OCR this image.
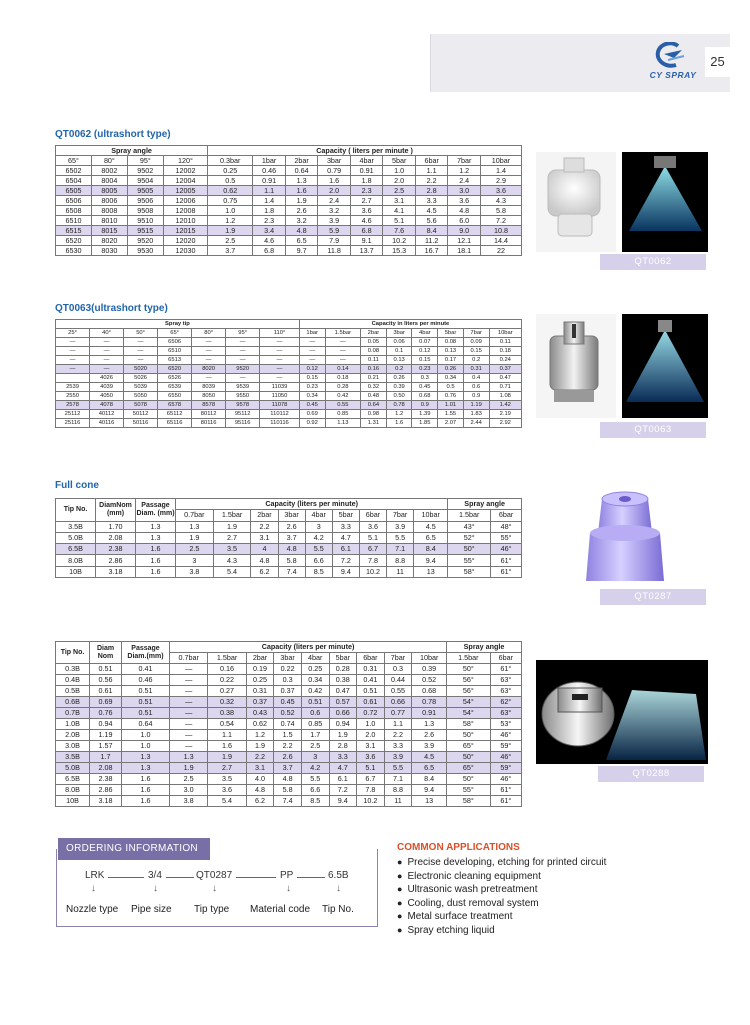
CY SPRAY
25
QT0062 (ultrashort type)
Spray angle				Capacity ( liters per minute )								
65°	80°	95°	120°	0.3bar	1bar	2bar	3bar	4bar	5bar	6bar	7bar	10bar
6502	8002	9502	12002	0.25	0.46	0.64	0.79	0.91	1.0	1.1	1.2	1.4
6504	8004	9504	12004	0.5	0.91	1.3	1.6	1.8	2.0	2.2	2.4	2.9
6505	8005	9505	12005	0.62	1.1	1.6	2.0	2.3	2.5	2.8	3.0	3.6
6506	8006	9506	12006	0.75	1.4	1.9	2.4	2.7	3.1	3.3	3.6	4.3
6508	8008	9508	12008	1.0	1.8	2.6	3.2	3.6	4.1	4.5	4.8	5.8
6510	8010	9510	12010	1.2	2.3	3.2	3.9	4.6	5.1	5.6	6.0	7.2
6515	8015	9515	12015	1.9	3.4	4.8	5.9	6.8	7.6	8.4	9.0	10.8
6520	8020	9520	12020	2.5	4.6	6.5	7.9	9.1	10.2	11.2	12.1	14.4
6530	8030	9530	12030	3.7	6.8	9.7	11.8	13.7	15.3	16.7	18.1	22
QT0062
QT0063(ultrashort type)
Spray tip							Capacity in liters per minute							
25°	40°	50°	65°	80°	95°	110°	1bar	1.5bar	2bar	3bar	4bar	5bar	7bar	10bar
—	—	—	6506	—	—	—	—	—	0.05	0.06	0.07	0.08	0.09	0.11
—	—	—	6510	—	—	—	—	—	0.08	0.1	0.12	0.13	0.15	0.18
—	—	—	6513	—	—	—	—	—	0.11	0.13	0.15	0.17	0.2	0.24
—	—	5020	6520	8020	9520	—	0.12	0.14	0.16	0.2	0.23	0.26	0.31	0.37
	4026	5026	6526	—	—	—	0.15	0.18	0.21	0.26	0.3	0.34	0.4	0.47
2539	4039	5039	6539	8039	9539	11039	0.23	0.28	0.32	0.39	0.45	0.5	0.6	0.71
2550	4050	5050	6550	8050	9550	11050	0.34	0.42	0.48	0.50	0.68	0.76	0.9	1.08
2578	4078	5078	6578	8578	9578	11078	0.45	0.55	0.64	0.78	0.9	1.01	1.19	1.42
25112	40112	50112	65112	80112	95112	110112	0.69	0.85	0.98	1.2	1.39	1.55	1.83	2.19
25116	40116	50116	65116	80116	95116	110116	0.92	1.13	1.31	1.6	1.85	2.07	2.44	2.92
QT0063
Full cone
Tip No.	DiamNom (mm)	Passage Diam. (mm)	Capacity (liters per minute)									Spray angle	
			0.7bar	1.5bar	2bar	3bar	4bar	5bar	6bar	7bar	10bar	1.5bar	6bar
3.5B	1.70	1.3	1.3	1.9	2.2	2.6	3	3.3	3.6	3.9	4.5	43°	48°
5.0B	2.08	1.3	1.9	2.7	3.1	3.7	4.2	4.7	5.1	5.5	6.5	52°	55°
6.5B	2.38	1.6	2.5	3.5	4	4.8	5.5	6.1	6.7	7.1	8.4	50°	46°
8.0B	2.86	1.6	3	4.3	4.8	5.8	6.6	7.2	7.8	8.8	9.4	55°	61°
10B	3.18	1.6	3.8	5.4	6.2	7.4	8.5	9.4	10.2	11	13	58°	61°
QT0287
Tip No.	Diam Nom	Passage Diam.(mm)	Capacity (liters per minute)									Spray angle	
			0.7bar	1.5bar	2bar	3bar	4bar	5bar	6bar	7bar	10bar	1.5bar	6bar
0.3B	0.51	0.41	—	0.16	0.19	0.22	0.25	0.28	0.31	0.3	0.39	50°	61°
0.4B	0.56	0.46	—	0.22	0.25	0.3	0.34	0.38	0.41	0.44	0.52	56°	63°
0.5B	0.61	0.51	—	0.27	0.31	0.37	0.42	0.47	0.51	0.55	0.68	56°	63°
0.6B	0.69	0.51	—	0.32	0.37	0.45	0.51	0.57	0.61	0.66	0.78	54°	62°
0.7B	0.76	0.51	—	0.38	0.43	0.52	0.6	0.66	0.72	0.77	0.91	54°	63°
1.0B	0.94	0.64	—	0.54	0.62	0.74	0.85	0.94	1.0	1.1	1.3	58°	53°
2.0B	1.19	1.0	—	1.1	1.2	1.5	1.7	1.9	2.0	2.2	2.6	50°	46°
3.0B	1.57	1.0	—	1.6	1.9	2.2	2.5	2.8	3.1	3.3	3.9	65°	59°
3.5B	1.7	1.3	1.3	1.9	2.2	2.6	3	3.3	3.6	3.9	4.5	50°	46°
5.0B	2.08	1.3	1.9	2.7	3.1	3.7	4.2	4.7	5.1	5.5	6.5	65°	59°
6.5B	2.38	1.6	2.5	3.5	4.0	4.8	5.5	6.1	6.7	7.1	8.4	50°	46°
8.0B	2.86	1.6	3.0	3.6	4.8	5.8	6.6	7.2	7.8	8.8	9.4	55°	61°
10B	3.18	1.6	3.8	5.4	6.2	7.4	8.5	9.4	10.2	11	13	58°	61°
QT0288
ORDERING INFORMATION
LRK	3/4	QT0287	PP	6.5B
↓	↓	↓	↓	↓
Nozzle type Pipe size Tip type Material code Tip No.
COMMON APPLICATIONS
● Precise developing, etching for printed circuit
● Electronic cleaning equipment
● Ultrasonic wash pretreatment
● Cooling, dust removal system
● Metal surface treatment
● Spray etching liquid
